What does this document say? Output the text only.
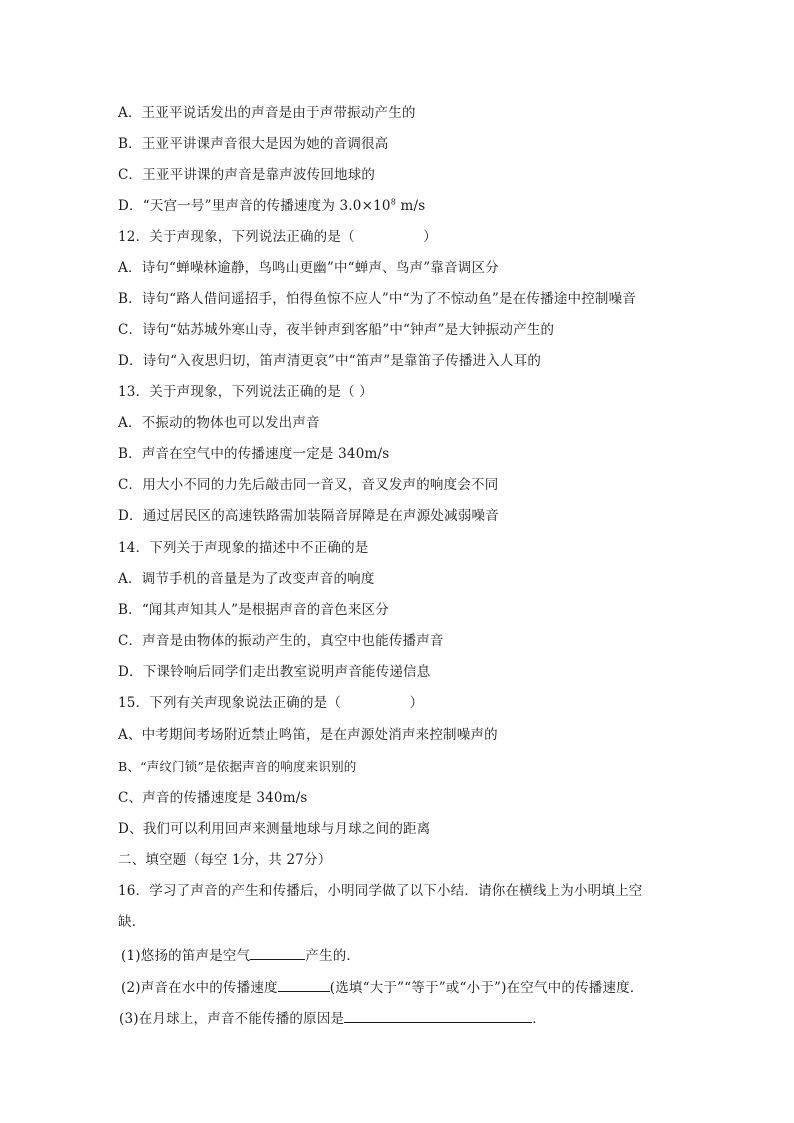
A．王亚平说话发出的声音是由于声带振动产生的
B．王亚平讲课声音很大是因为她的音调很高
C．王亚平讲课的声音是靠声波传回地球的
D．“天宫一号”里声音的传播速度为 $3.0\times 10^8$ m/s
12．关于声现象，下列说法正确的是（　　　　　）
A．诗句“蝉噪林逾静，鸟鸣山更幽”中“蝉声、鸟声”靠音调区分
B．诗句“路人借问遥招手，怕得鱼惊不应人”中“为了不惊动鱼”是在传播途中控制噪音
C．诗句“姑苏城外寒山寺，夜半钟声到客船”中“钟声”是大钟振动产生的
D．诗句“入夜思归切，笛声清更哀”中“笛声”是靠笛子传播进入人耳的
13．关于声现象，下列说法正确的是（ ）
A．不振动的物体也可以发出声音
B．声音在空气中的传播速度一定是 340m/s
C．用大小不同的力先后敲击同一音叉，音叉发声的响度会不同
D．通过居民区的高速铁路需加装隔音屏障是在声源处减弱噪音
14．下列关于声现象的描述中不正确的是
A．调节手机的音量是为了改变声音的响度
B．“闻其声知其人”是根据声音的音色来区分
C．声音是由物体的振动产生的，真空中也能传播声音
D．下课铃响后同学们走出教室说明声音能传递信息
15．下列有关声现象说法正确的是（　　　　　）
A、中考期间考场附近禁止鸣笛，是在声源处消声来控制噪声的
B、“声纹门锁”是依据声音的响度来识别的
C、声音的传播速度是 340m/s
D、我们可以利用回声来测量地球与月球之间的距离
二、填空题（每空 1分，共 27分）
16．学习了声音的产生和传播后，小明同学做了以下小结．请你在横线上为小明填上空
缺．
(1)悠扬的笛声是空气	产生的．
(2)声音在水中的传播速度	(选填“大于”“等于”或“小于”)在空气中的传播速度．
(3)在月球上，声音不能传播的原因是	．
